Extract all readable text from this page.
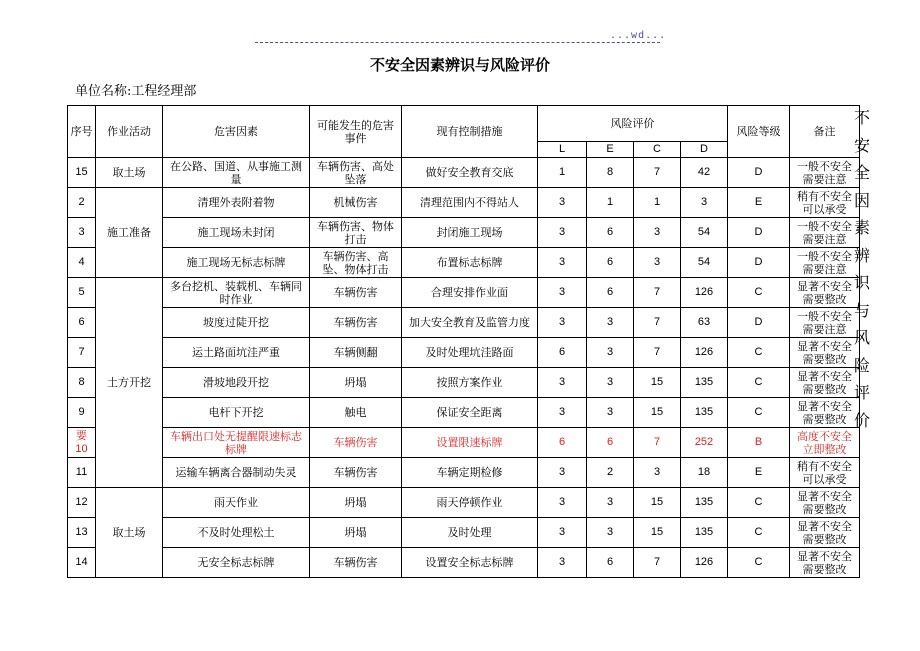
...wd...
不安全因素辨识与风险评价
单位名称:工程经理部
不
安
全
因
素
辨
识
与
风
险
评
价
序号	作业活动	危害因素	可能发生的危害事件	现有控制措施	风险评价				风险等级	备注
					L	E	C	D		

15	取土场	在公路、国道、从事施工测量	车辆伤害、高处坠落	做好安全教育交底	1	8	7	42	D	一般不安全需要注意

2	施工准备	清理外表附着物	机械伤害	清理范围内不得站人	3	1	1	3	E	稍有不安全可以承受

3		施工现场未封闭	车辆伤害、物体打击	封闭施工现场	3	6	3	54	D	一般不安全需要注意

4		施工现场无标志标牌	车辆伤害、高坠、物体打击	布置标志标牌	3	6	3	54	D	一般不安全需要注意

5	土方开挖	多台挖机、装载机、车辆同时作业	车辆伤害	合理安排作业面	3	6	7	126	C	显著不安全需要整改

6		坡度过陡开挖	车辆伤害	加大安全教育及监管力度	3	3	7	63	D	一般不安全需要注意

7		运土路面坑洼严重	车辆侧翻	及时处理坑洼路面	6	3	7	126	C	显著不安全需要整改

8		滑坡地段开挖	坍塌	按照方案作业	3	3	15	135	C	显著不安全需要整改

9		电杆下开挖	触电	保证安全距离	3	3	15	135	C	显著不安全需要整改

要10		车辆出口处无提醒限速标志标牌	车辆伤害	设置限速标牌	6	6	7	252	B	高度不安全立即整改

11		运输车辆离合器制动失灵	车辆伤害	车辆定期检修	3	2	3	18	E	稍有不安全可以承受

12	取土场	雨天作业	坍塌	雨天停顿作业	3	3	15	135	C	显著不安全需要整改

13		不及时处理松土	坍塌	及时处理	3	3	15	135	C	显著不安全需要整改

14		无安全标志标牌	车辆伤害	设置安全标志标牌	3	6	7	126	C	显著不安全需要整改
